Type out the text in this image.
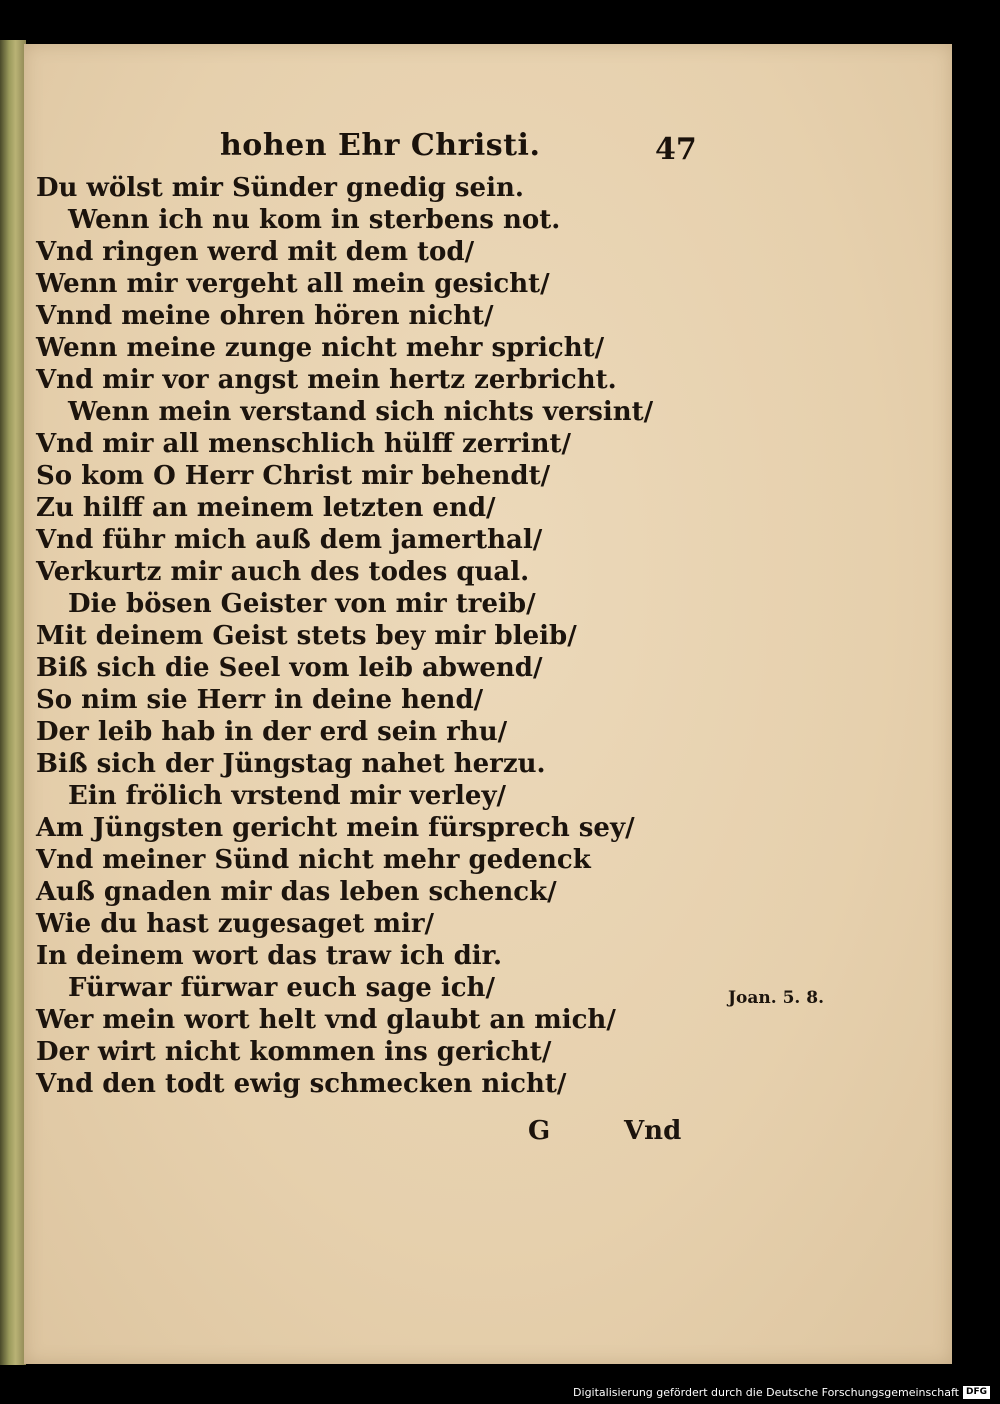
hohen Ehr Christi.	47
Du wölst mir Sünder gnedig sein.
Wenn ich nu kom in sterbens not.
Vnd ringen werd mit dem tod/
Wenn mir vergeht all mein gesicht/
Vnnd meine ohren hören nicht/
Wenn meine zunge nicht mehr spricht/
Vnd mir vor angst mein hertz zerbricht.
Wenn mein verstand sich nichts versint/
Vnd mir all menschlich hülff zerrint/
So kom O Herr Christ mir behendt/
Zu hilff an meinem letzten end/
Vnd führ mich auß dem jamerthal/
Verkurtz mir auch des todes qual.
Die bösen Geister von mir treib/
Mit deinem Geist stets bey mir bleib/
Biß sich die Seel vom leib abwend/
So nim sie Herr in deine hend/
Der leib hab in der erd sein rhu/
Biß sich der Jüngstag nahet herzu.
Ein frölich vrstend mir verley/
Am Jüngsten gericht mein fürsprech sey/
Vnd meiner Sünd nicht mehr gedenck
Auß gnaden mir das leben schenck/
Wie du hast zugesaget mir/
In deinem wort das traw ich dir.
Fürwar fürwar euch sage ich/
Wer mein wort helt vnd glaubt an mich/
Der wirt nicht kommen ins gericht/
Vnd den todt ewig schmecken nicht/
Joan. 5. 8.
G	Vnd
Digitalisierung gefördert durch die Deutsche Forschungsgemeinschaft DFG
